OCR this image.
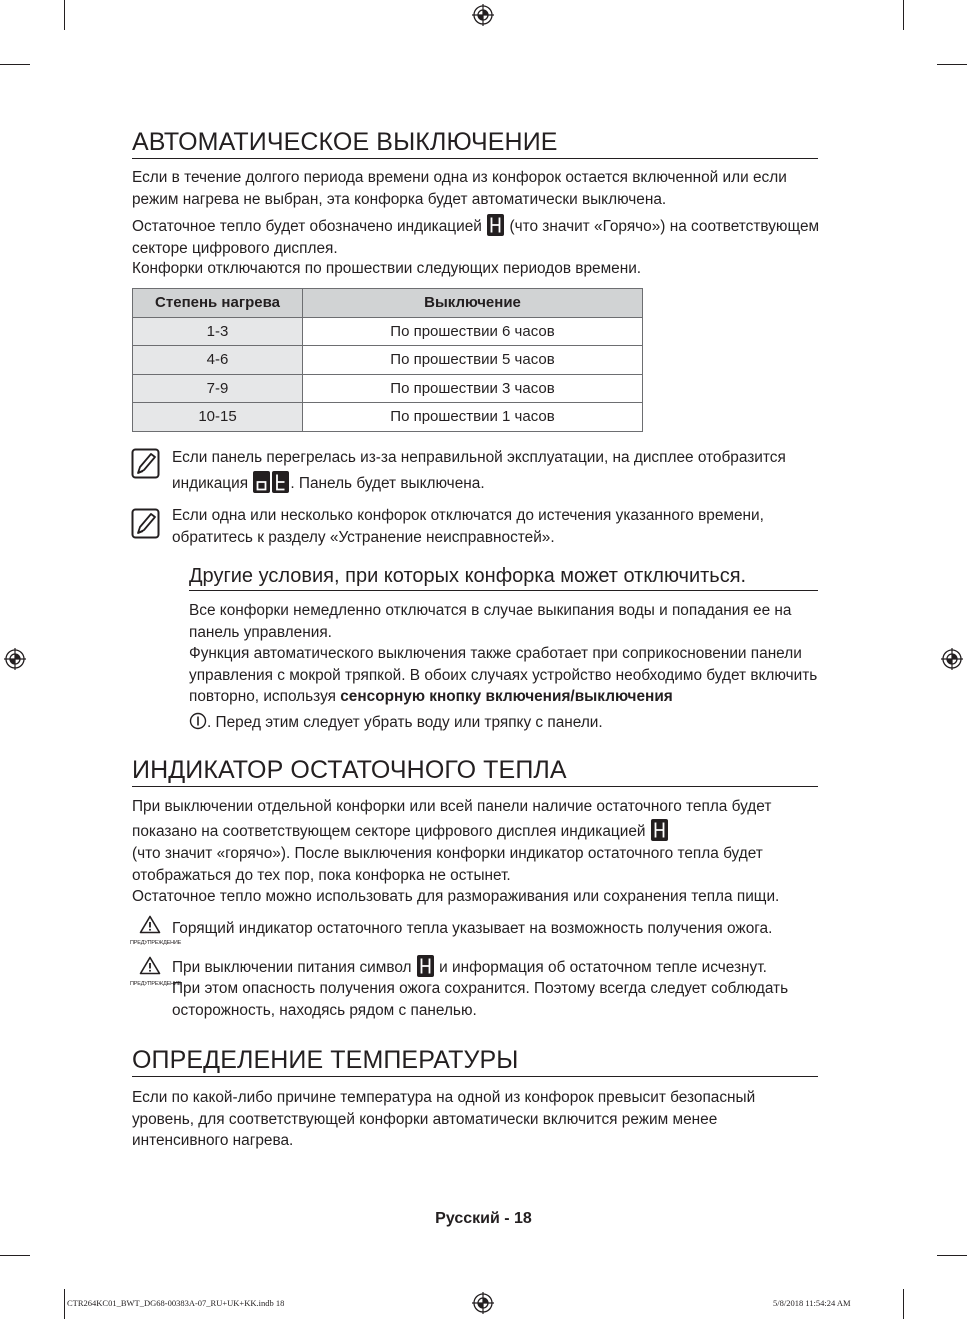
АВТОМАТИЧЕСКОЕ ВЫКЛЮЧЕНИЕ

Если в течение долгого периода времени одна из конфорок остается включенной или если режим нагрева не выбран, эта конфорка будет автоматически выключена.

Остаточное тепло будет обозначено индикацией (что значит «Горячо») на соответствующем секторе цифрового дисплея.

Конфорки отключаются по прошествии следующих периодов времени.

Степень нагрева	Выключение
1-3	По прошествии 6 часов
4-6	По прошествии 5 часов
7-9	По прошествии 3 часов
10-15	По прошествии 1 часов

Если панель перегрелась из-за неправильной эксплуатации, на дисплее отобразится индикация	. Панель будет выключена.

Если одна или несколько конфорок отключатся до истечения указанного времени, обратитесь к разделу «Устранение неисправностей».

Другие условия, при которых конфорка может отключиться.

Все конфорки немедленно отключатся в случае выкипания воды и попадания ее на панель управления.

Функция автоматического выключения также сработает при соприкосновении панели управления с мокрой тряпкой. В обоих случаях устройство необходимо будет включить повторно, используя сенсорную кнопку включения/выключения

. Перед этим следует убрать воду или тряпку с панели.

ИНДИКАТОР ОСТАТОЧНОГО ТЕПЛА

При выключении отдельной конфорки или всей панели наличие остаточного тепла будет показано на соответствующем секторе цифрового дисплея индикацией

(что значит «горячо»). После выключения конфорки индикатор остаточного тепла будет отображаться до тех пор, пока конфорка не остынет.

Остаточное тепло можно использовать для размораживания или сохранения тепла пищи.

ПРЕДУПРЕЖДЕНИЕ

Горящий индикатор остаточного тепла указывает на возможность получения ожога.

ПРЕДУПРЕЖДЕНИЕ

При выключении питания символ и информация об остаточном тепле исчезнут.

При этом опасность получения ожога сохранится. Поэтому всегда следует соблюдать осторожность, находясь рядом с панелью.

ОПРЕДЕЛЕНИЕ ТЕМПЕРАТУРЫ

Если по какой-либо причине температура на одной из конфорок превысит безопасный уровень, для соответствующей конфорки автоматически включится режим менее интенсивного нагрева.

Русский - 18
CTR264KC01_BWT_DG68-00383A-07_RU+UK+KK.indb 18	5/8/2018 11:54:24 AM
